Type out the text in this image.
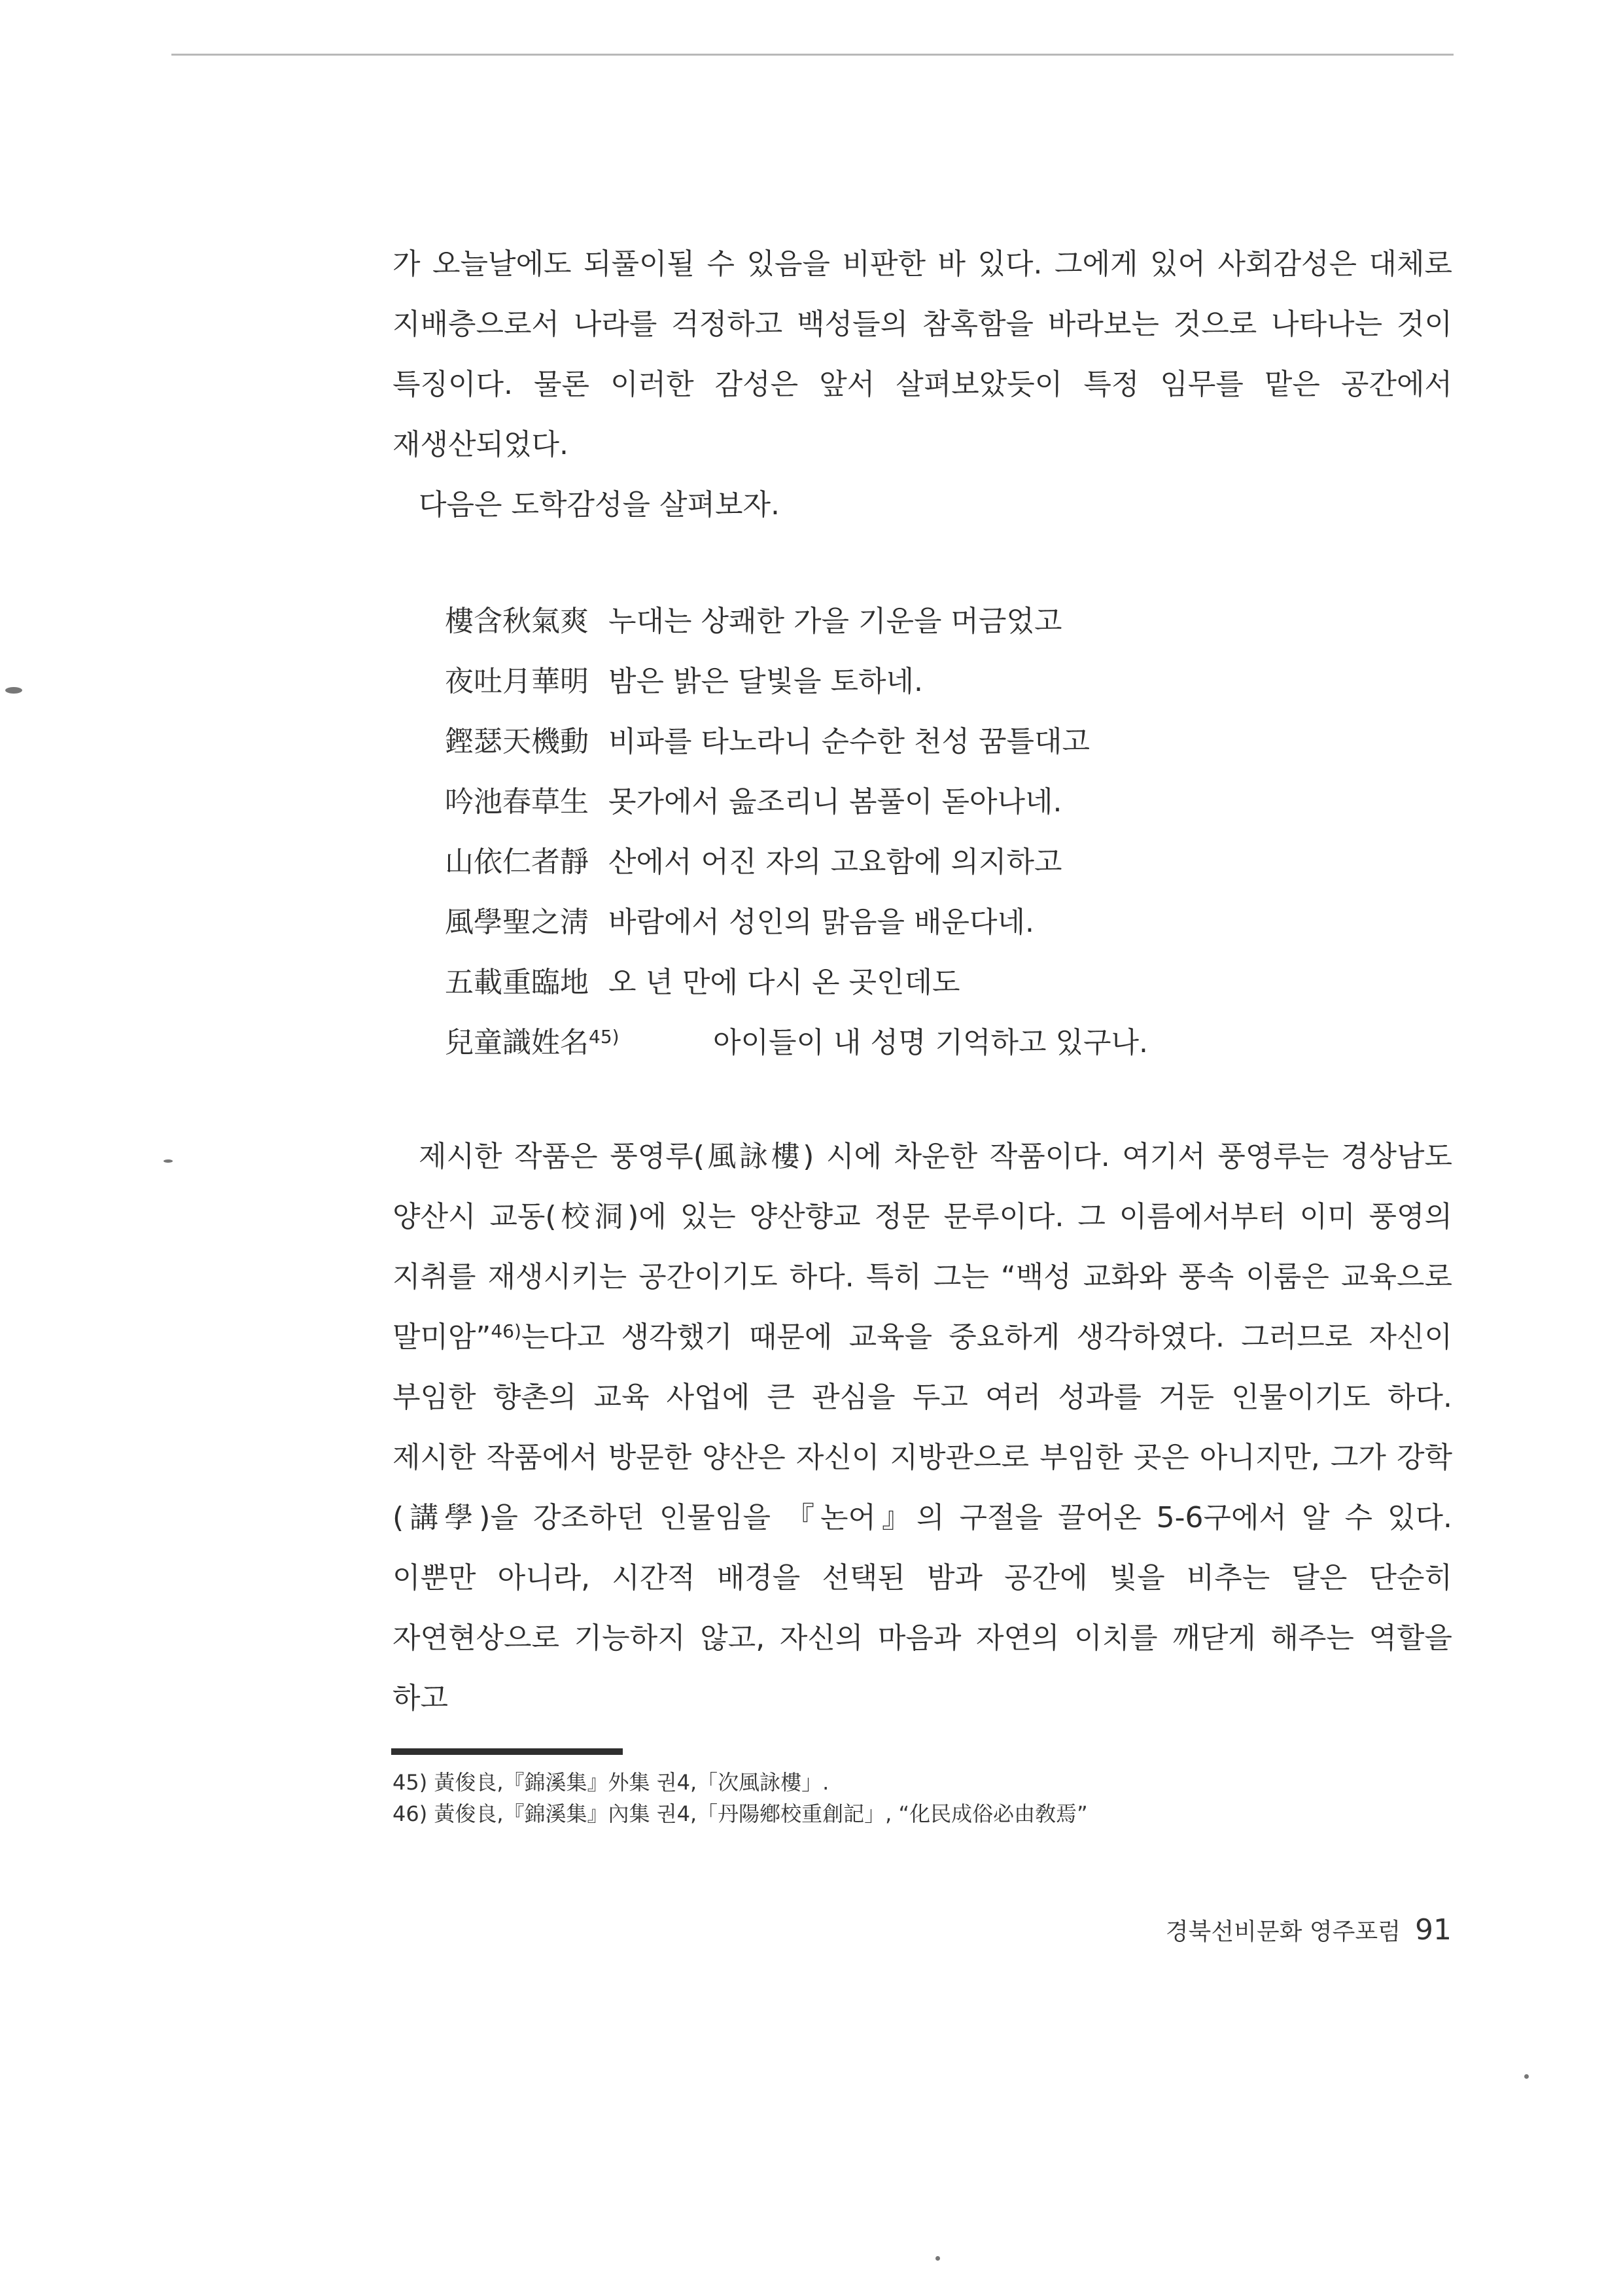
가 오늘날에도 되풀이될 수 있음을 비판한 바 있다. 그에게 있어 사회감성은 대체로 지배층으로서 나라를 걱정하고 백성들의 참혹함을 바라보는 것으로 나타나는 것이 특징이다. 물론 이러한 감성은 앞서 살펴보았듯이 특정 임무를 맡은 공간에서 재생산되었다.

다음은 도학감성을 살펴보자.

樓含秋氣爽 누대는 상쾌한 가을 기운을 머금었고
夜吐月華明 밤은 밝은 달빛을 토하네.
鏗瑟天機動 비파를 타노라니 순수한 천성 꿈틀대고
吟池春草生 못가에서 읊조리니 봄풀이 돋아나네.
山依仁者靜 산에서 어진 자의 고요함에 의지하고
風學聖之淸 바람에서 성인의 맑음을 배운다네.
五載重臨地 오 년 만에 다시 온 곳인데도
兒童識姓名$^{45)}$	아이들이 내 성명 기억하고 있구나.

제시한 작품은 풍영루(風詠樓) 시에 차운한 작품이다. 여기서 풍영루는 경상남도 양산시 교동(校洞)에 있는 양산향교 정문 문루이다. 그 이름에서부터 이미 풍영의 지취를 재생시키는 공간이기도 하다. 특히 그는 “백성 교화와 풍속 이룸은 교육으로 말미암”$^{46)}$는다고 생각했기 때문에 교육을 중요하게 생각하였다. 그러므로 자신이 부임한 향촌의 교육 사업에 큰 관심을 두고 여러 성과를 거둔 인물이기도 하다. 제시한 작품에서 방문한 양산은 자신이 지방관으로 부임한 곳은 아니지만, 그가 강학(講學)을 강조하던 인물임을 『논어』의 구절을 끌어온 5-6구에서 알 수 있다. 이뿐만 아니라, 시간적 배경을 선택된 밤과 공간에 빛을 비추는 달은 단순히 자연현상으로 기능하지 않고, 자신의 마음과 자연의 이치를 깨닫게 해주는 역할을 하고

45) 黃俊良,『錦溪集』外集 권4,「次風詠樓」.
46) 黃俊良,『錦溪集』內集 권4,「丹陽鄕校重創記」, “化民成俗必由敎焉”
경북선비문화 영주포럼 91
